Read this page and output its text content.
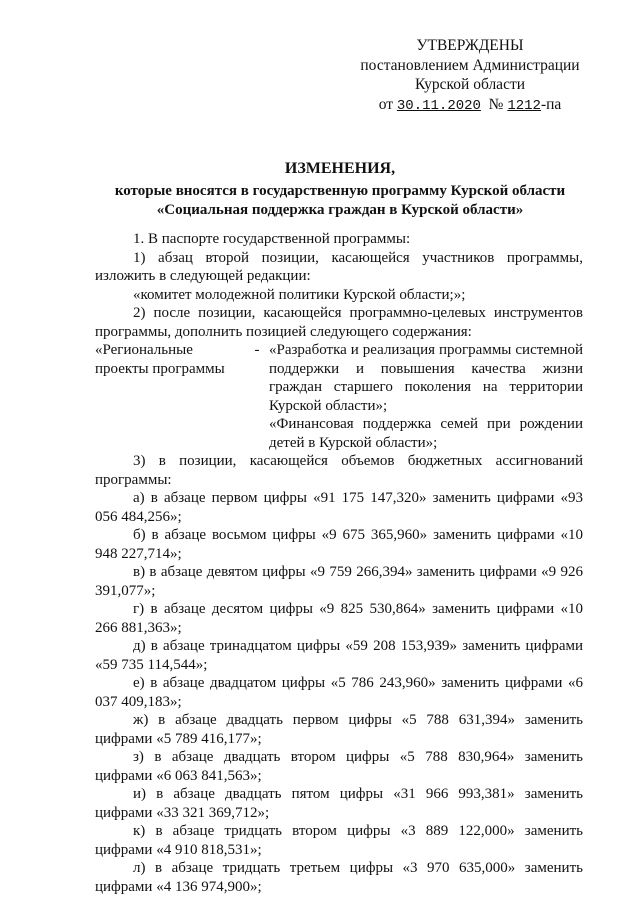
УТВЕРЖДЕНЫ
постановлением Администрации
Курской области
от 30.11.2020 № 1212-па
ИЗМЕНЕНИЯ,
которые вносятся в государственную программу Курской области
«Социальная поддержка граждан в Курской области»

1. В паспорте государственной программы:

1) абзац второй позиции, касающейся участников программы, изложить в следующей редакции:

«комитет молодежной политики Курской области;»;

2) после позиции, касающейся программно-целевых инструментов программы, дополнить позицией следующего содержания:

«Региональные проекты программы
- «Разработка и реализация программы системной поддержки и повышения качества жизни граждан старшего поколения на территории Курской области»;
«Финансовая поддержка семей при рождении детей в Курской области»;

3) в позиции, касающейся объемов бюджетных ассигнований программы:

а) в абзаце первом цифры «91 175 147,320» заменить цифрами «93 056 484,256»;

б) в абзаце восьмом цифры «9 675 365,960» заменить цифрами «10 948 227,714»;

в) в абзаце девятом цифры «9 759 266,394» заменить цифрами «9 926 391,077»;

г) в абзаце десятом цифры «9 825 530,864» заменить цифрами «10 266 881,363»;

д) в абзаце тринадцатом цифры «59 208 153,939» заменить цифрами «59 735 114,544»;

е) в абзаце двадцатом цифры «5 786 243,960» заменить цифрами «6 037 409,183»;

ж) в абзаце двадцать первом цифры «5 788 631,394» заменить цифрами «5 789 416,177»;

з) в абзаце двадцать втором цифры «5 788 830,964» заменить цифрами «6 063 841,563»;

и) в абзаце двадцать пятом цифры «31 966 993,381» заменить цифрами «33 321 369,712»;

к) в абзаце тридцать втором цифры «3 889 122,000» заменить цифрами «4 910 818,531»;

л) в абзаце тридцать третьем цифры «3 970 635,000» заменить цифрами «4 136 974,900»;
